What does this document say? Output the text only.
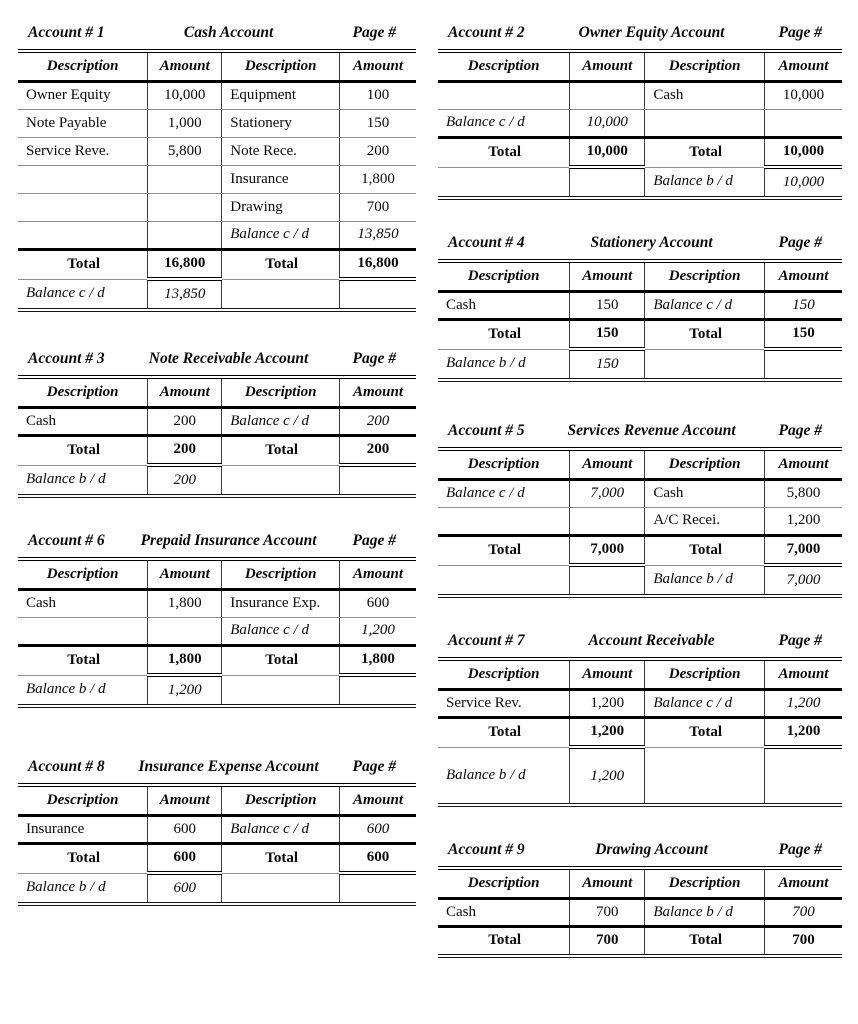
Account # 1	Cash Account	Page #
Description	Amount	Description	Amount
Owner Equity	10,000	Equipment	100
Note Payable	1,000	Stationery	150
Service Reve.	5,800	Note Rece.	200
		Insurance	1,800
		Drawing	700
		Balance c / d	13,850
Total	16,800	Total	16,800
Balance c / d	13,850		
Account # 3	Note Receivable Account	Page #
Description	Amount	Description	Amount
Cash	200	Balance c / d	200
Total	200	Total	200
Balance b / d	200		
Account # 6 Prepaid Insurance Account Page #
Description	Amount	Description	Amount
Cash	1,800	Insurance Exp.	600
		Balance c / d	1,200
Total	1,800	Total	1,800
Balance b / d	1,200		
Account # 8 Insurance Expense Account Page #
Description	Amount	Description	Amount
Insurance	600	Balance c / d	600
Total	600	Total	600
Balance b / d	600		
Account # 2	Owner Equity Account	Page #
Description	Amount	Description	Amount
		Cash	10,000
Balance c / d	10,000		
Total	10,000	Total	10,000
		Balance b / d	10,000
Account # 4	Stationery Account	Page #
Description	Amount	Description	Amount
Cash	150	Balance c / d	150
Total	150	Total	150
Balance b / d	150		
Account # 5	Services Revenue Account	Page #
Description	Amount	Description	Amount
Balance c / d	7,000	Cash	5,800
		A/C Recei.	1,200
Total	7,000	Total	7,000
		Balance b / d	7,000
Account # 7	Account Receivable	Page #
Description	Amount	Description	Amount
Service Rev.	1,200	Balance c / d	1,200
Total	1,200	Total	1,200
Balance b / d	1,200		
Account # 9	Drawing Account	Page #
Description	Amount	Description	Amount
Cash	700	Balance b / d	700
Total	700	Total	700
